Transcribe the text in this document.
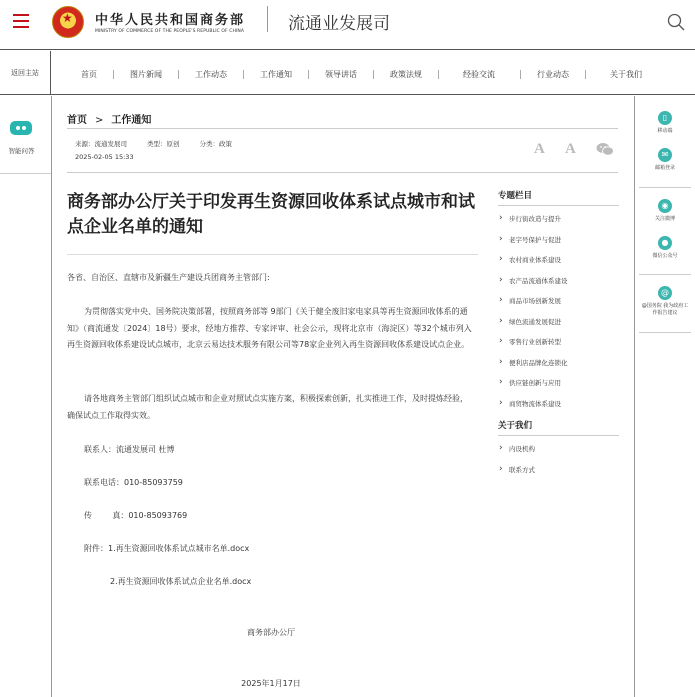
★
中华人民共和国商务部
MINISTRY OF COMMERCE OF THE PEOPLE'S REPUBLIC OF CHINA	流通业发展司
返回主站	首页	图片新闻	工作动态	工作通知	领导讲话	政策法规	经验交流	行业动态	关于我们
智能问答
▯
移动端
✉
邮箱登录
◉
关注微博
●
微信公众号
@
@国务院 我为政府工作报告建议
首页 > 工作通知
来源：流通发展司	类型：原创	分类：政策
2025-02-05 15:33	A A
商务部办公厅关于印发再生资源回收体系试点城市和试点企业名单的通知

各省、自治区、直辖市及新疆生产建设兵团商务主管部门:

为贯彻落实党中央、国务院决策部署，按照商务部等 9部门《关于健全废旧家电家具等再生资源回收体系的通知》（商流通发〔2024〕18号）要求，经地方推荐、专家评审、社会公示，现将北京市（海淀区）等32个城市列入再生资源回收体系建设试点城市，北京云易达技术服务有限公司等78家企业列入再生资源回收体系建设试点企业。

请各地商务主管部门组织试点城市和企业对照试点实施方案，积极探索创新，扎实推进工作，及时提炼经验，确保试点工作取得实效。

联系人：流通发展司 杜博

联系电话：010-85093759

传        真：010-85093769

附件：1.再生资源回收体系试点城市名单.docx

2.再生资源回收体系试点企业名单.docx

商务部办公厅

2025年1月17日

专题栏目
› 步行街改造与提升
› 老字号保护与促进
› 农村商业体系建设
› 农产品流通体系建设
› 商品市场创新发展
› 绿色流通发展促进
› 零售行业创新转型
› 便利店品牌化连锁化
› 供应链创新与应用
› 商贸物流体系建设
关于我们
› 内设机构
› 联系方式
